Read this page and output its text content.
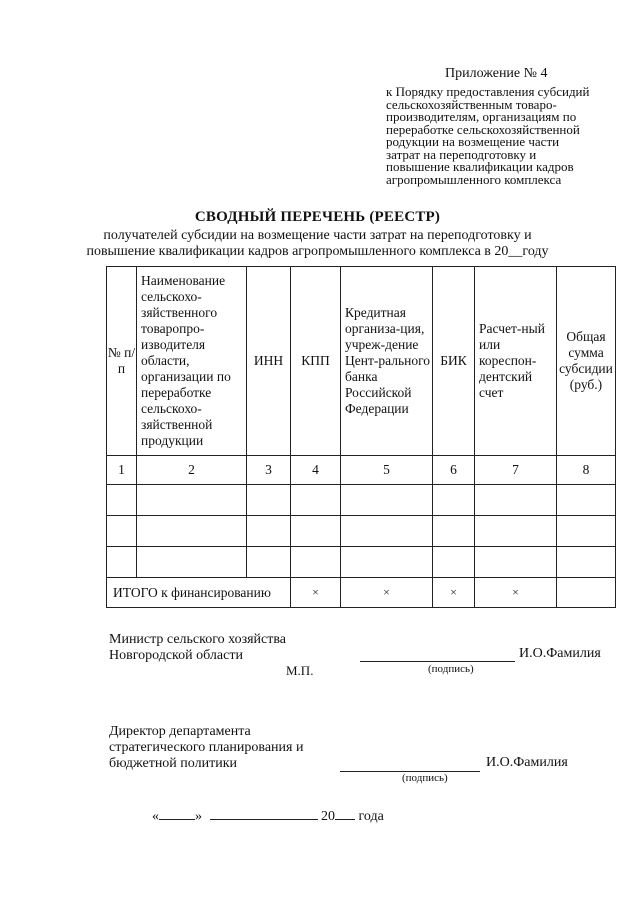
Приложение № 4
к Порядку предоставления субсидий
сельскохозяйственным товаро-
производителям, организациям по
переработке сельскохозяйственной
родукции на возмещение части
затрат на переподготовку и
повышение квалификации кадров
агропромышленного комплекса
СВОДНЫЙ ПЕРЕЧЕНЬ (РЕЕСТР)
получателей субсидии на возмещение части затрат на переподготовку и
повышение квалификации кадров агропромышленного комплекса в 20__году
№ п/п	Наименование сельскохо-зяйственного товаропро-изводителя области, организации по переработке сельскохо-зяйственной продукции	ИНН	КПП	Кредитная организа-ция, учреж-дение Цент-рального банка Российской Федерации	БИК	Расчет-ный или кореспон-дентский счет	Общая сумма субсидии (руб.)
1	2	3	4	5	6	7	8

ИТОГО к финансированию			×	×	×	×	
Министр сельского хозяйства
Новгородской области	И.О.Фамилия
М.П.	(подпись)
Директор департамента
стратегического планирования и
бюджетной политики	И.О.Фамилия
(подпись)
«	»	20 года
